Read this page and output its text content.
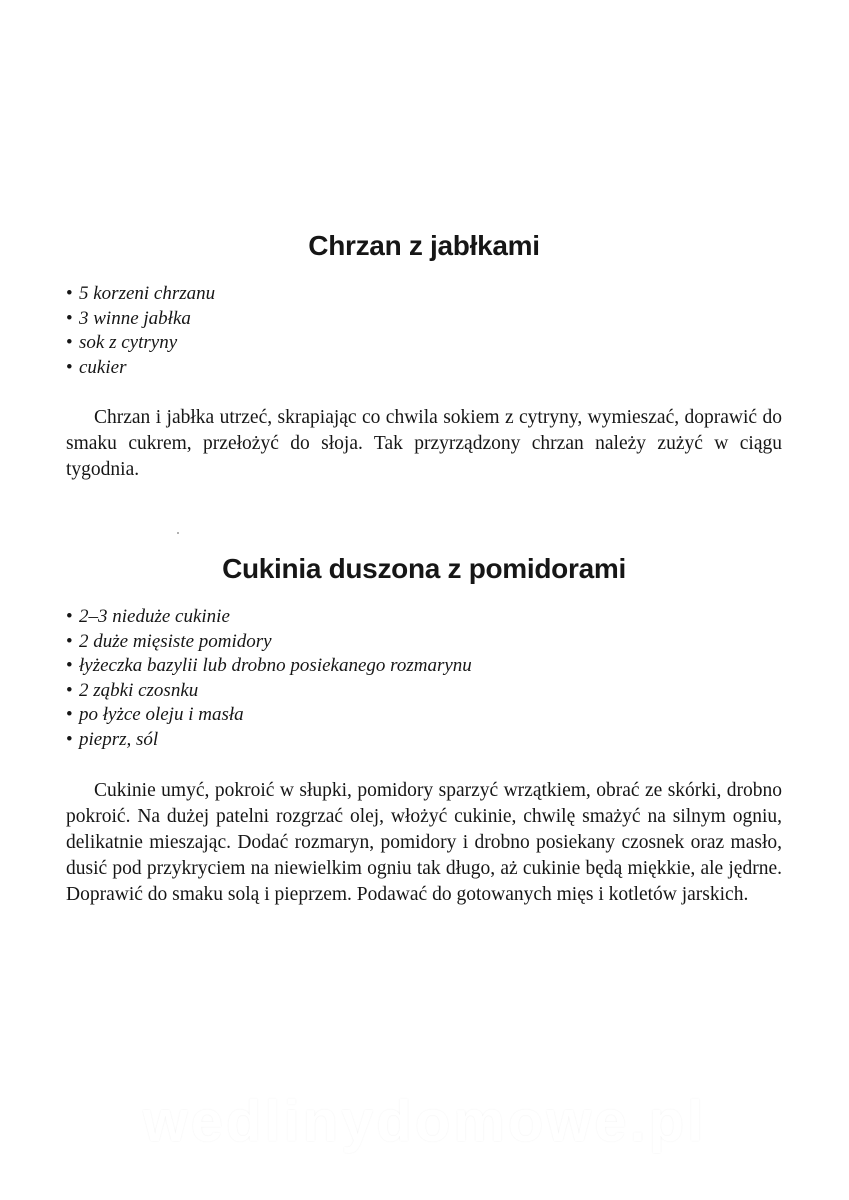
Chrzan z jabłkami
• 5 korzeni chrzanu
• 3 winne jabłka
• sok z cytryny
• cukier

Chrzan i jabłka utrzeć, skrapiając co chwila sokiem z cytryny, wymieszać, doprawić do smaku cukrem, przełożyć do słoja. Tak przyrządzony chrzan należy zużyć w ciągu tygodnia.

Cukinia duszona z pomidorami
• 2–3 nieduże cukinie
• 2 duże mięsiste pomidory
• łyżeczka bazylii lub drobno posiekanego rozmarynu
• 2 ząbki czosnku
• po łyżce oleju i masła
• pieprz, sól

Cukinie umyć, pokroić w słupki, pomidory sparzyć wrzątkiem, obrać ze skórki, drobno pokroić. Na dużej patelni rozgrzać olej, włożyć cukinie, chwilę smażyć na silnym ogniu, delikatnie mieszając. Dodać rozmaryn, pomidory i drobno posiekany czosnek oraz masło, dusić pod przykryciem na niewielkim ogniu tak długo, aż cukinie będą miękkie, ale jędrne. Doprawić do smaku solą i pieprzem. Podawać do gotowanych mięs i kotletów jarskich.

wedlinydomowe.pl
